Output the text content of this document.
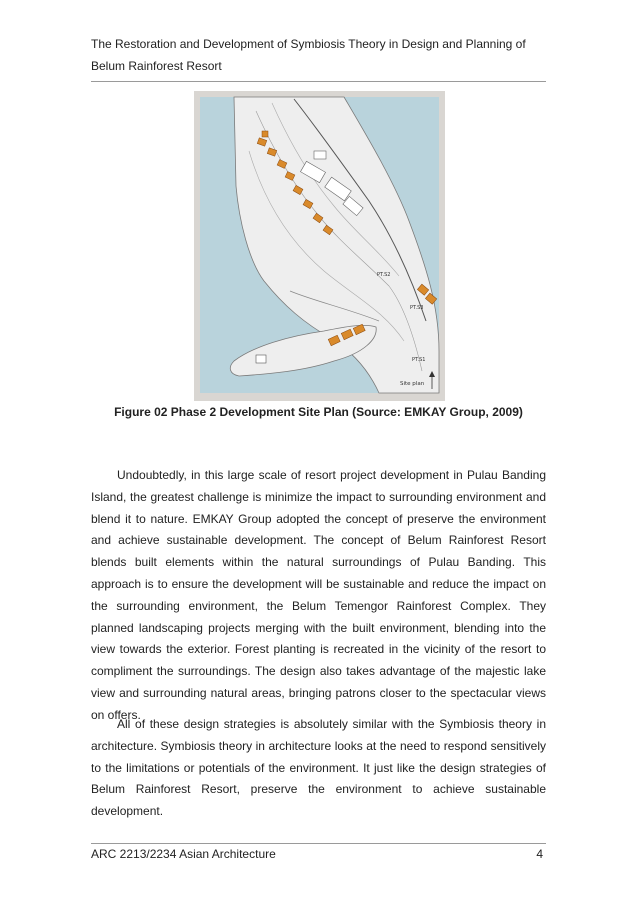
The Restoration and Development of Symbiosis Theory in Design and Planning of
Belum Rainforest Resort
PT.S2
PT.S1
PT.S3
Site plan
Figure 02 Phase 2 Development Site Plan (Source: EMKAY Group, 2009)

Undoubtedly, in this large scale of resort project development in Pulau Banding Island, the greatest challenge is minimize the impact to surrounding environment and blend it to nature. EMKAY Group adopted the concept of preserve the environment and achieve sustainable development. The concept of Belum Rainforest Resort blends built elements within the natural surroundings of Pulau Banding. This approach is to ensure the development will be sustainable and reduce the impact on the surrounding environment, the Belum Temengor Rainforest Complex. They planned landscaping projects merging with the built environment, blending into the view towards the exterior. Forest planting is recreated in the vicinity of the resort to compliment the surroundings. The design also takes advantage of the majestic lake view and surrounding natural areas, bringing patrons closer to the spectacular views on offers.

All of these design strategies is absolutely similar with the Symbiosis theory in architecture. Symbiosis theory in architecture looks at the need to respond sensitively to the limitations or potentials of the environment. It just like the design strategies of Belum Rainforest Resort, preserve the environment to achieve sustainable development.

ARC 2213/2234 Asian Architecture	4
